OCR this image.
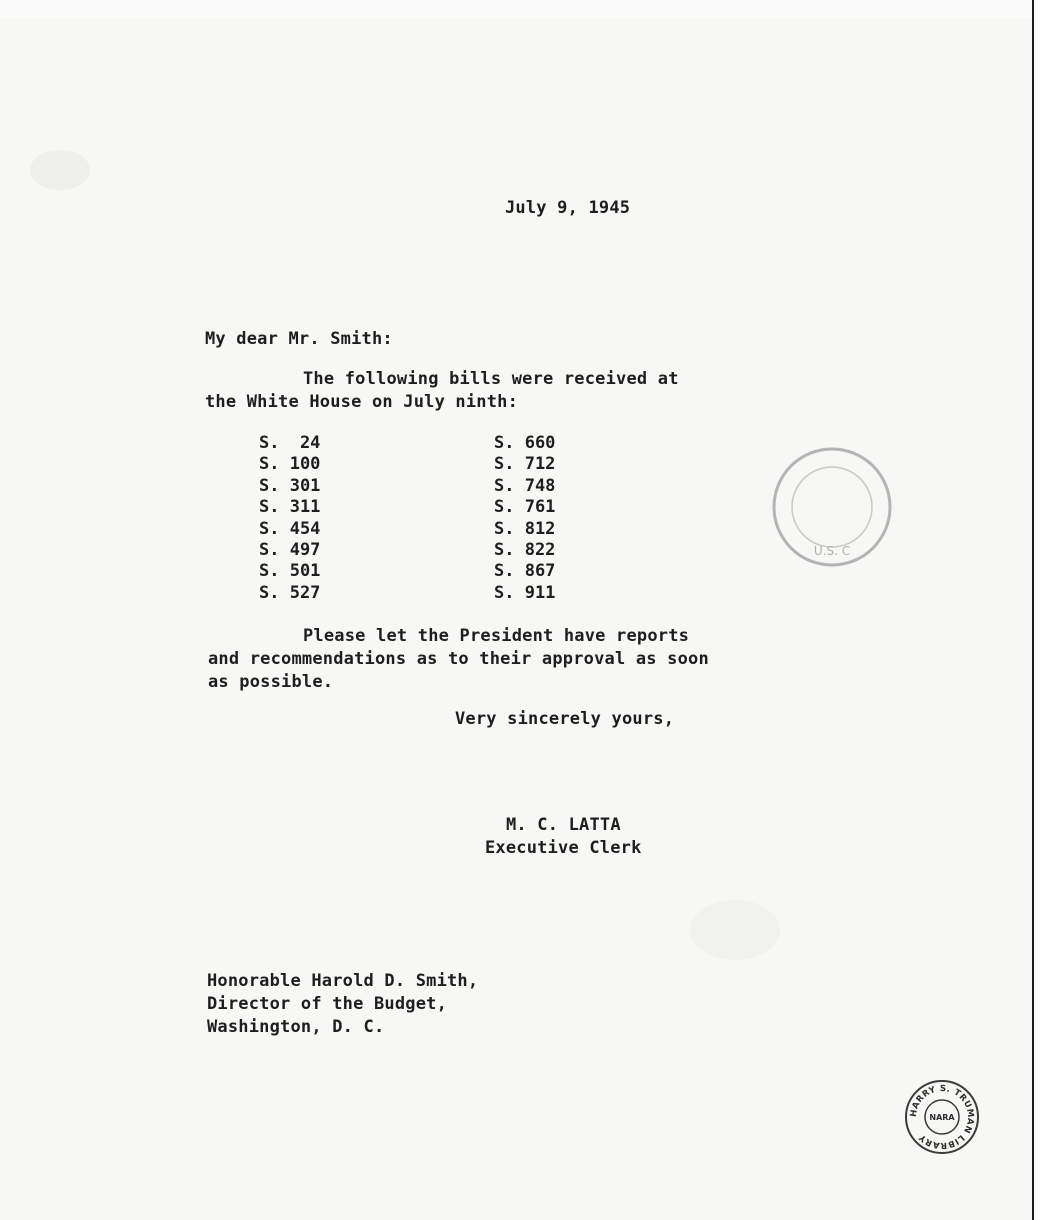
July 9, 1945

My dear Mr. Smith:

The following bills were received at

the White House on July ninth:

S.  24
S. 100
S. 301
S. 311
S. 454
S. 497
S. 501
S. 527
S. 660
S. 712
S. 748
S. 761
S. 812
S. 822
S. 867
S. 911

Please let the President have reports

and recommendations as to their approval as soon

as possible.

Very sincerely yours,

M. C. LATTA

Executive Clerk

Honorable Harold D. Smith,

Director of the Budget,

Washington, D. C.

U.S. C
HARRY S. TRUMAN LIBRARY
NARA
